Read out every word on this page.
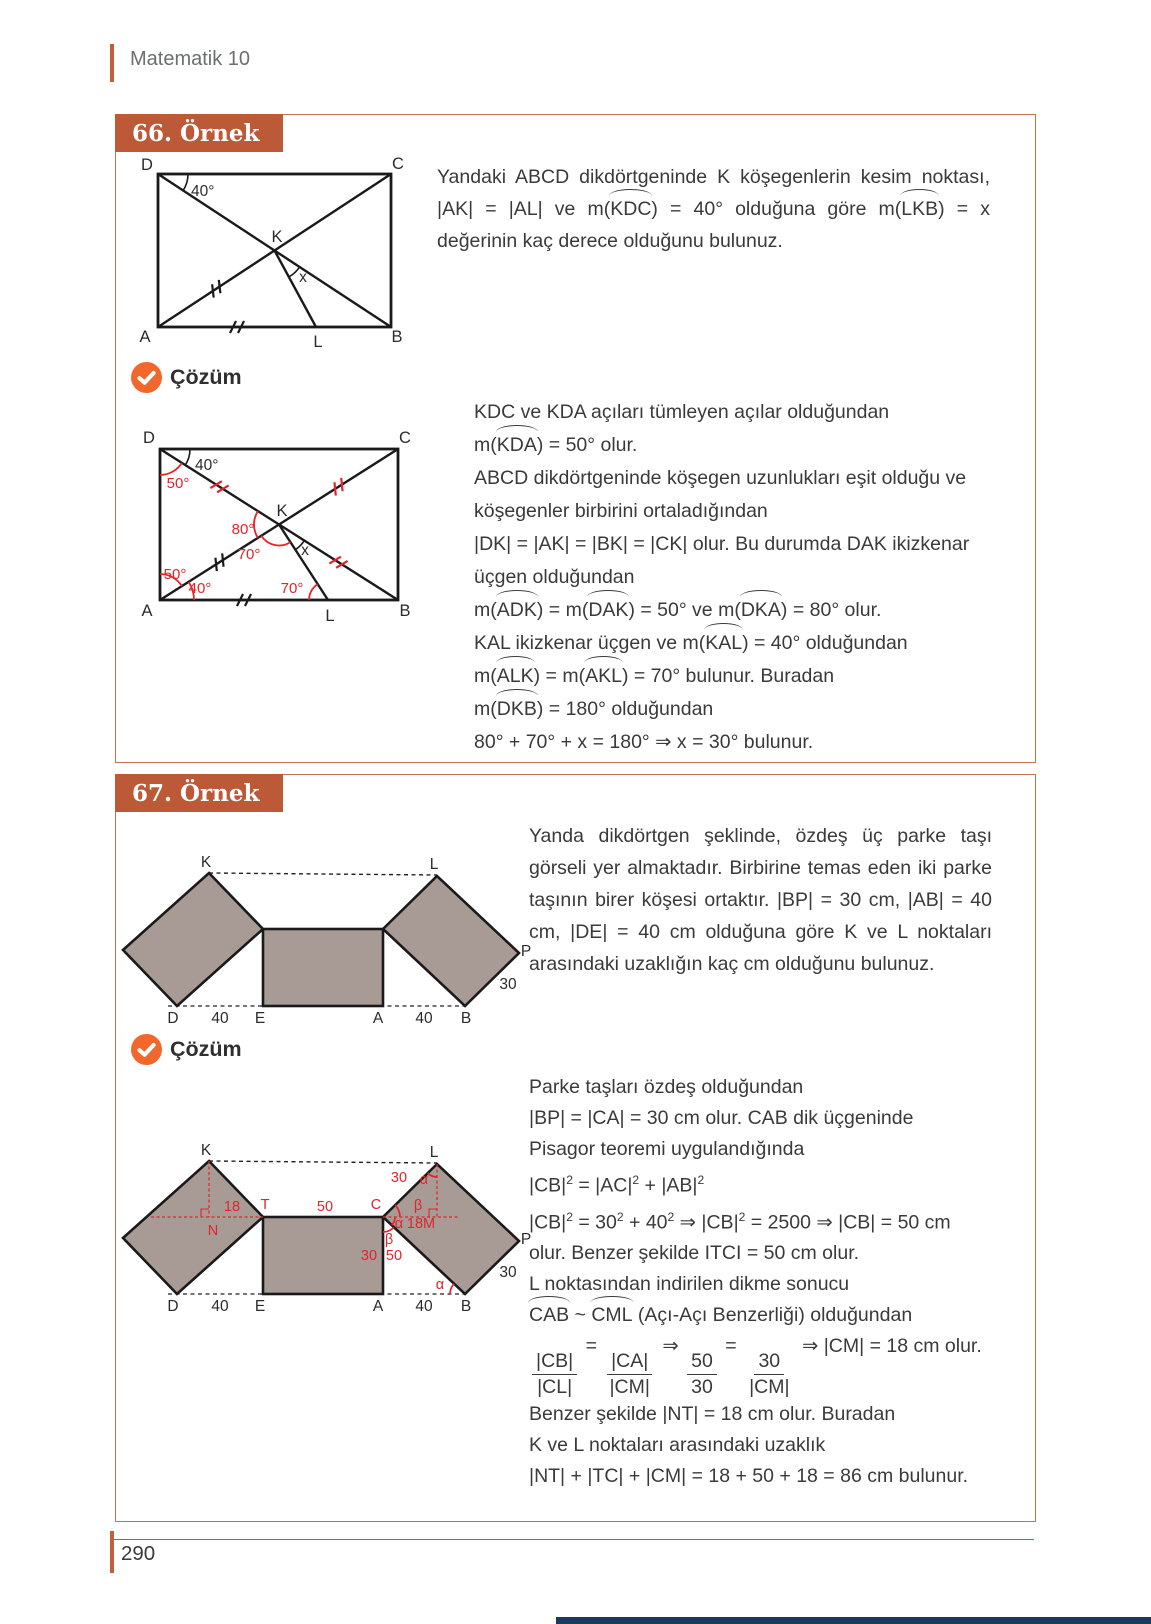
Matematik 10
66. Örnek
D	C
A	B
K
L
40°
x
Yandaki ABCD dikdörtgeninde K köşegenlerin kesim noktası, |AK| = |AL| ve m(KDC) = 40° olduğuna göre m(LKB) = x değerinin kaç derece olduğunu bulunuz.
Çözüm
D	C
A	B
K
L
40°
50°
80°
70°	x
50°
40°	70°
KDC ve KDA açıları tümleyen açılar olduğundan
m(KDA) = 50° olur.
ABCD dikdörtgeninde köşegen uzunlukları eşit olduğu ve
köşegenler birbirini ortaladığından
|DK| = |AK| = |BK| = |CK| olur. Bu durumda DAK ikizkenar
üçgen olduğundan
m(ADK) = m(DAK) = 50° ve m(DKA) = 80° olur.
KAL ikizkenar üçgen ve m(KAL) = 40° olduğundan
m(ALK) = m(AKL) = 70° bulunur. Buradan
m(DKB) = 180° olduğundan
80° + 70° + x = 180° ⇒ x = 30° bulunur.
67. Örnek
K	L
P
30
D 40 E	A 40 B
Yanda dikdörtgen şeklinde, özdeş üç parke taşı görseli yer almaktadır. Birbirine temas eden iki parke taşının birer köşesi ortaktır. |BP| = 30 cm, |AB| = 40 cm, |DE| = 40 cm olduğuna göre K ve L noktaları arasındaki uzaklığın kaç cm olduğunu bulunuz.
Çözüm
K	L
P
30
D 40 E	A 40 B
18
N
T	50	C
30
β
α 18 M
β
30 50
α
α
Parke taşları özdeş olduğundan
|BP| = |CA| = 30 cm olur. CAB dik üçgeninde
Pisagor teoremi uygulandığında
$|CB|^2 = |AC|^2 + |AB|^2$
$|CB|^2 = 30^2 + 40^2$ ⇒ $|CB|^2 = 2500$ ⇒ |CB| = 50 cm
olur. Benzer şekilde ITCI = 50 cm olur.
L noktasından indirilen dikme sonucu
CAB ~ CML (Açı-Açı Benzerliği) olduğundan
$\frac{|CB|}{|CL|}$
=
$\frac{|CA|}{|CM|}$
⇒
$\frac{50}{30}$
=
$\frac{30}{|CM|}$
⇒ |CM| = 18 cm olur.
Benzer şekilde |NT| = 18 cm olur. Buradan
K ve L noktaları arasındaki uzaklık
|NT| + |TC| + |CM| = 18 + 50 + 18 = 86 cm bulunur.
290
